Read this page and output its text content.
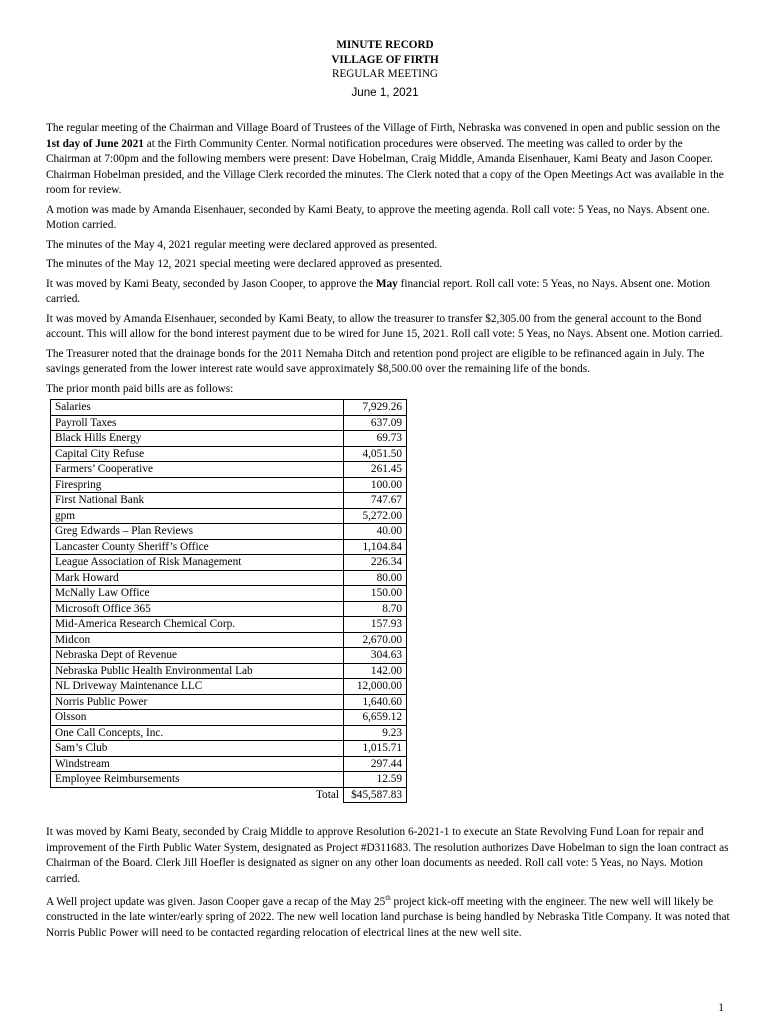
MINUTE RECORD
VILLAGE OF FIRTH
REGULAR MEETING
June 1, 2021

The regular meeting of the Chairman and Village Board of Trustees of the Village of Firth, Nebraska was convened in open and public session on the 1st day of June 2021 at the Firth Community Center. Normal notification procedures were observed. The meeting was called to order by the Chairman at 7:00pm and the following members were present: Dave Hobelman, Craig Middle, Amanda Eisenhauer, Kami Beaty and Jason Cooper. Chairman Hobelman presided, and the Village Clerk recorded the minutes. The Clerk noted that a copy of the Open Meetings Act was available in the room for review.

A motion was made by Amanda Eisenhauer, seconded by Kami Beaty, to approve the meeting agenda. Roll call vote: 5 Yeas, no Nays. Absent one. Motion carried.

The minutes of the May 4, 2021 regular meeting were declared approved as presented.

The minutes of the May 12, 2021 special meeting were declared approved as presented.

It was moved by Kami Beaty, seconded by Jason Cooper, to approve the May financial report. Roll call vote: 5 Yeas, no Nays. Absent one. Motion carried.

It was moved by Amanda Eisenhauer, seconded by Kami Beaty, to allow the treasurer to transfer $2,305.00 from the general account to the Bond account. This will allow for the bond interest payment due to be wired for June 15, 2021. Roll call vote: 5 Yeas, no Nays. Absent one. Motion carried.

The Treasurer noted that the drainage bonds for the 2011 Nemaha Ditch and retention pond project are eligible to be refinanced again in July. The savings generated from the lower interest rate would save approximately $8,500.00 over the remaining life of the bonds.

The prior month paid bills are as follows:

Salaries	7,929.26
Payroll Taxes	637.09
Black Hills Energy	69.73
Capital City Refuse	4,051.50
Farmers’ Cooperative	261.45
Firespring	100.00
First National Bank	747.67
gpm	5,272.00
Greg Edwards – Plan Reviews	40.00
Lancaster County Sheriff’s Office	1,104.84
League Association of Risk Management	226.34
Mark Howard	80.00
McNally Law Office	150.00
Microsoft Office 365	8.70
Mid-America Research Chemical Corp.	157.93
Midcon	2,670.00
Nebraska Dept of Revenue	304.63
Nebraska Public Health Environmental Lab	142.00
NL Driveway Maintenance LLC	12,000.00
Norris Public Power	1,640.60
Olsson	6,659.12
One Call Concepts, Inc.	9.23
Sam’s Club	1,015.71
Windstream	297.44
Employee Reimbursements	12.59
Total	$45,587.83

It was moved by Kami Beaty, seconded by Craig Middle to approve Resolution 6-2021-1 to execute an State Revolving Fund Loan for repair and improvement of the Firth Public Water System, designated as Project #D311683. The resolution authorizes Dave Hobelman to sign the loan contract as Chairman of the Board. Clerk Jill Hoefler is designated as signer on any other loan documents as needed. Roll call vote: 5 Yeas, no Nays. Motion carried.

A Well project update was given. Jason Cooper gave a recap of the May 25th project kick-off meeting with the engineer. The new well will likely be constructed in the late winter/early spring of 2022. The new well location land purchase is being handled by Nebraska Title Company. It was noted that Norris Public Power will need to be contacted regarding relocation of electrical lines at the new well site.

1
